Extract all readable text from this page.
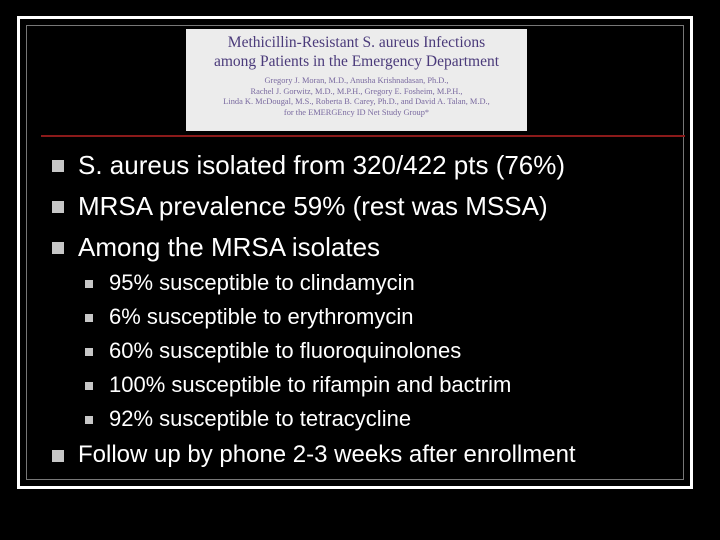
Methicillin-Resistant S. aureus Infections
among Patients in the Emergency Department
Gregory J. Moran, M.D., Anusha Krishnadasan, Ph.D.,
Rachel J. Gorwitz, M.D., M.P.H., Gregory E. Fosheim, M.P.H.,
Linda K. McDougal, M.S., Roberta B. Carey, Ph.D., and David A. Talan, M.D.,
for the EMERGEncy ID Net Study Group*
S. aureus isolated from 320/422 pts (76%)
MRSA prevalence 59% (rest was MSSA)
Among the MRSA isolates
95% susceptible to clindamycin
6% susceptible to erythromycin
60% susceptible to fluoroquinolones
100% susceptible to rifampin and bactrim
92% susceptible to tetracycline
Follow up by phone 2-3 weeks after enrollment
